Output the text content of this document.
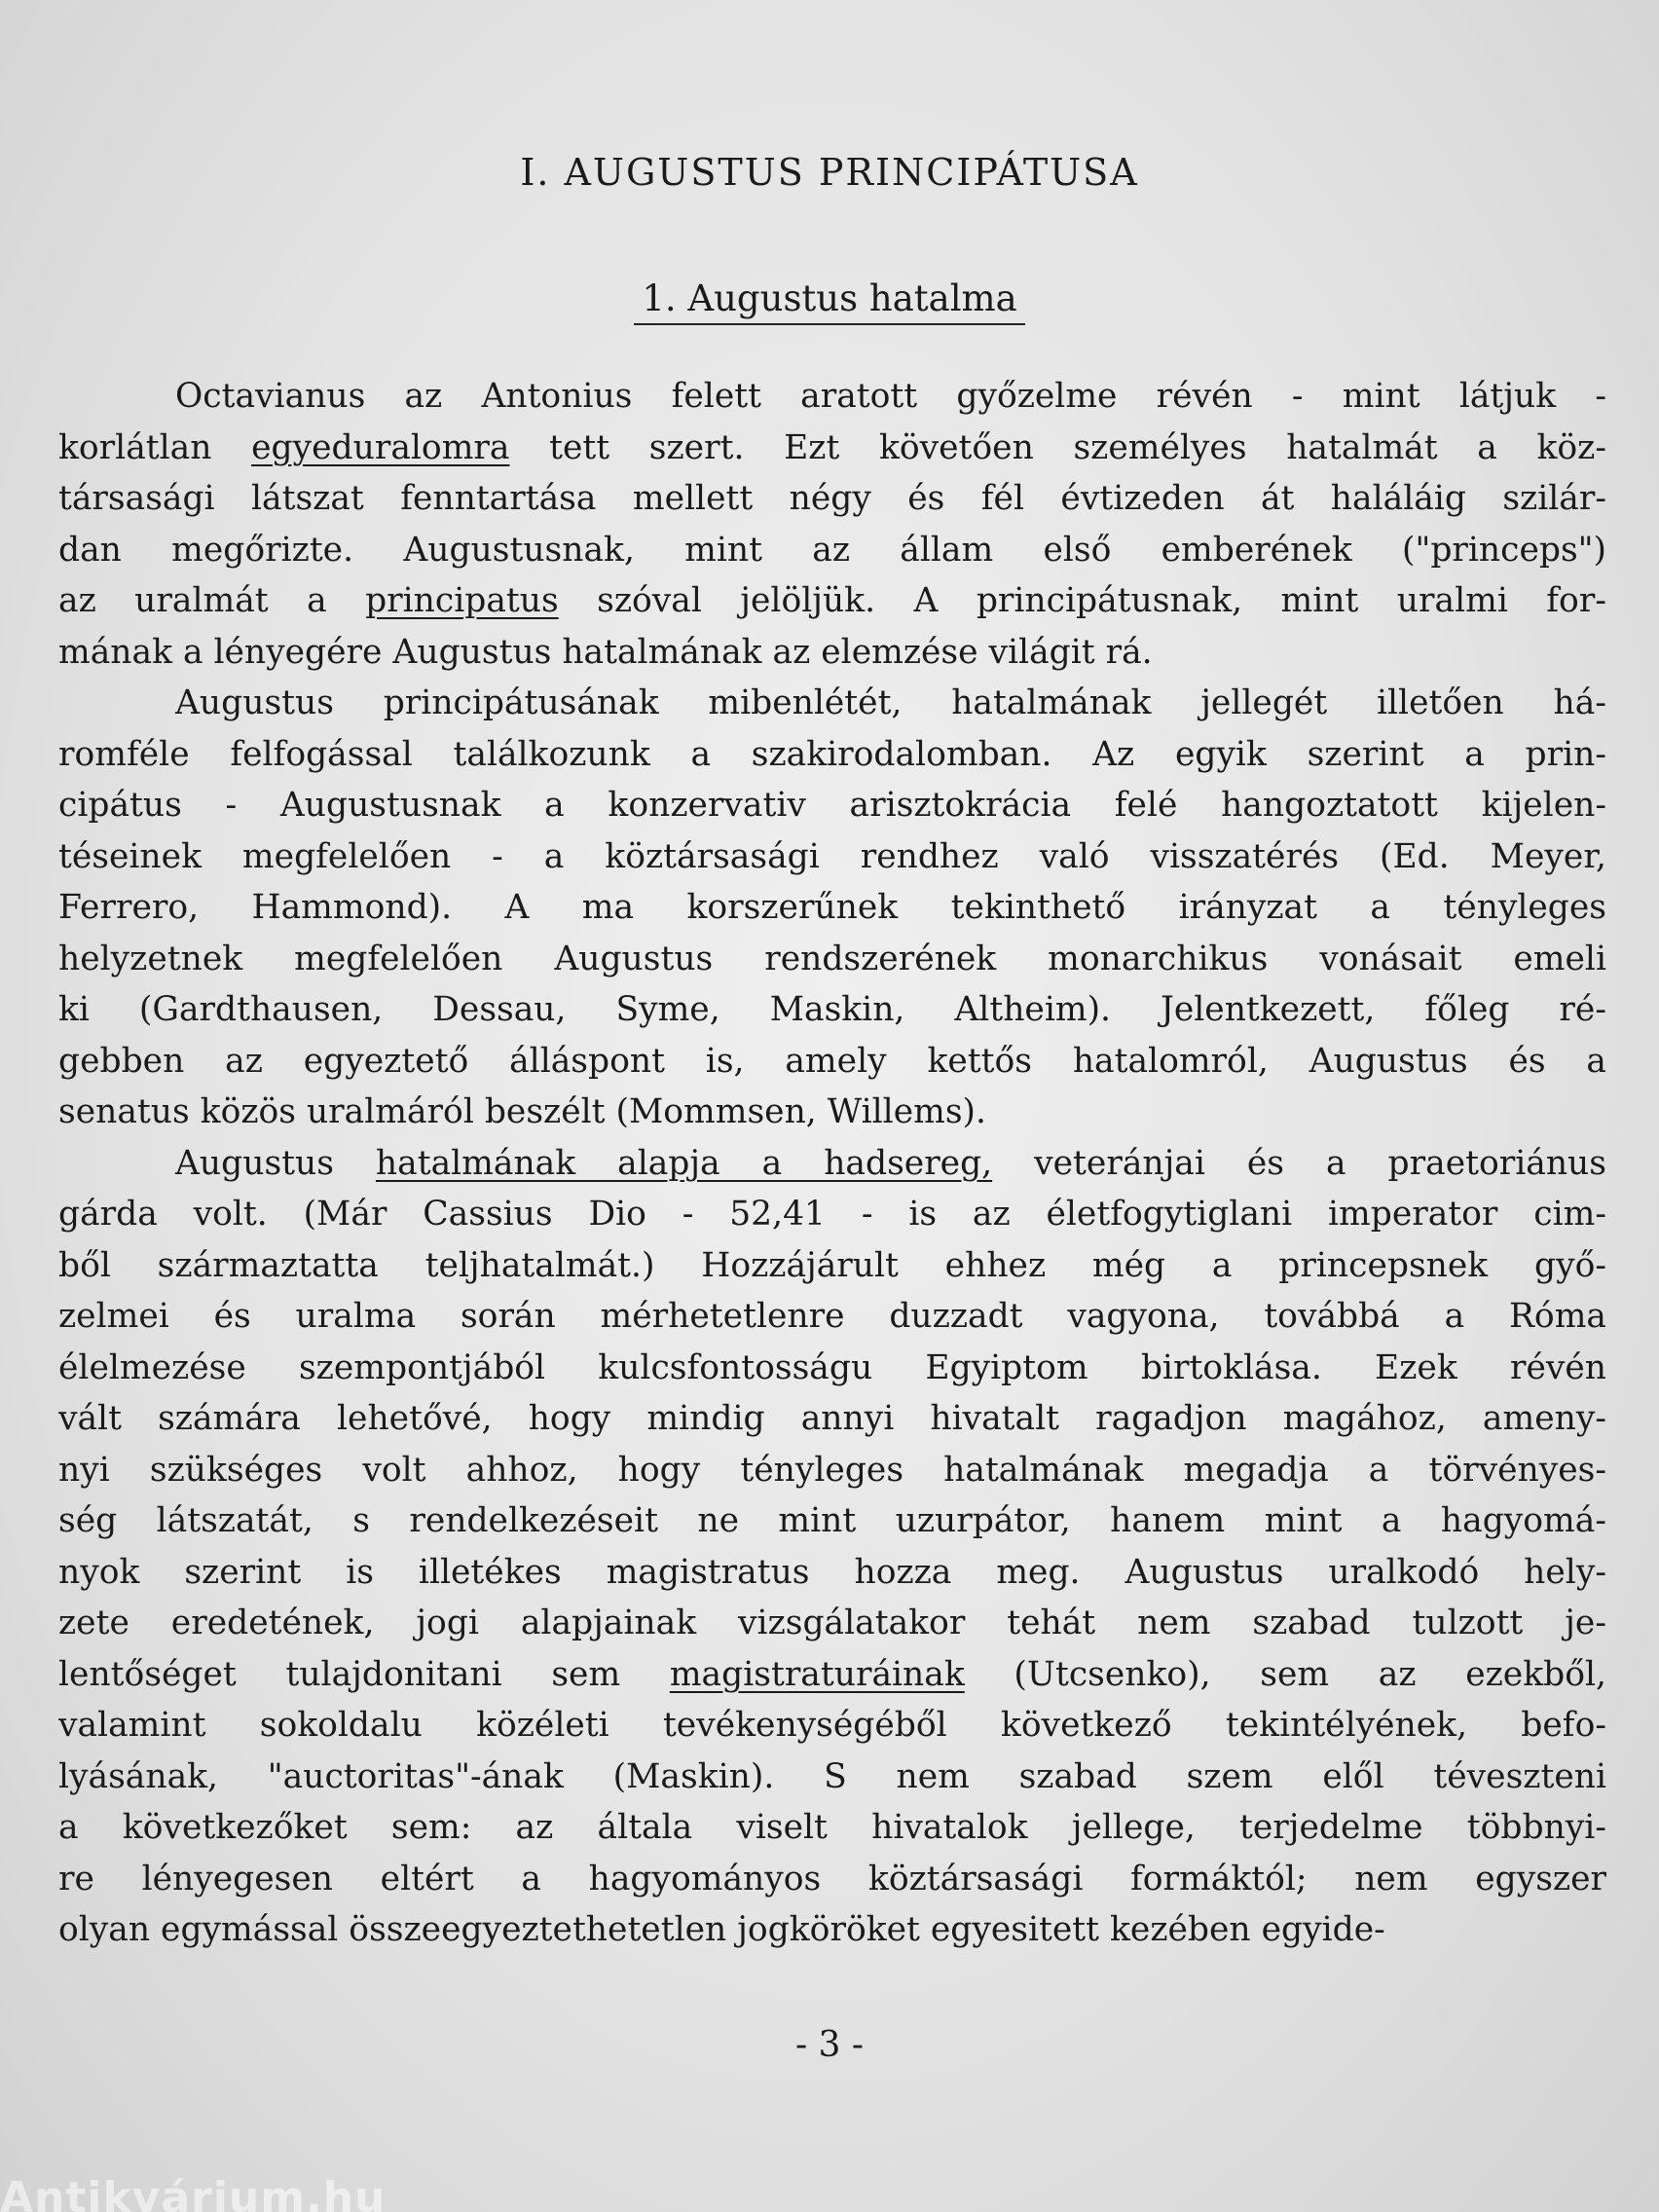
I. AUGUSTUS PRINCIPÁTUSA
1. Augustus hatalma
Octavianus az Antonius felett aratott győzelme révén - mint látjuk -
korlátlan egyeduralomra tett szert. Ezt követően személyes hatalmát a köz-
társasági látszat fenntartása mellett négy és fél évtizeden át haláláig szilár-
dan megőrizte. Augustusnak, mint az állam első emberének ("princeps")
az uralmát a principatus szóval jelöljük. A principátusnak, mint uralmi for-
mának a lényegére Augustus hatalmának az elemzése világit rá.
Augustus principátusának mibenlétét, hatalmának jellegét illetően há-
romféle felfogással találkozunk a szakirodalomban. Az egyik szerint a prin-
cipátus - Augustusnak a konzervativ arisztokrácia felé hangoztatott kijelen-
téseinek megfelelően - a köztársasági rendhez való visszatérés (Ed. Meyer,
Ferrero, Hammond). A ma korszerűnek tekinthető irányzat a tényleges
helyzetnek megfelelően Augustus rendszerének monarchikus vonásait emeli
ki (Gardthausen, Dessau, Syme, Maskin, Altheim). Jelentkezett, főleg ré-
gebben az egyeztető álláspont is, amely kettős hatalomról, Augustus és a
senatus közös uralmáról beszélt (Mommsen, Willems).
Augustus hatalmának alapja a hadsereg, veteránjai és a praetoriánus
gárda volt. (Már Cassius Dio - 52,41 - is az életfogytiglani imperator cim-
ből származtatta teljhatalmát.) Hozzájárult ehhez még a princepsnek győ-
zelmei és uralma során mérhetetlenre duzzadt vagyona, továbbá a Róma
élelmezése szempontjából kulcsfontosságu Egyiptom birtoklása. Ezek révén
vált számára lehetővé, hogy mindig annyi hivatalt ragadjon magához, ameny-
nyi szükséges volt ahhoz, hogy tényleges hatalmának megadja a törvényes-
ség látszatát, s rendelkezéseit ne mint uzurpátor, hanem mint a hagyomá-
nyok szerint is illetékes magistratus hozza meg. Augustus uralkodó hely-
zete eredetének, jogi alapjainak vizsgálatakor tehát nem szabad tulzott je-
lentőséget tulajdonitani sem magistraturáinak (Utcsenko), sem az ezekből,
valamint sokoldalu közéleti tevékenységéből következő tekintélyének, befo-
lyásának, "auctoritas"-ának (Maskin). S nem szabad szem elől téveszteni
a következőket sem: az általa viselt hivatalok jellege, terjedelme többnyi-
re lényegesen eltért a hagyományos köztársasági formáktól; nem egyszer
olyan egymással összeegyeztethetetlen jogköröket egyesitett kezében egyide-

- 3 -

Antikvárium.hu
